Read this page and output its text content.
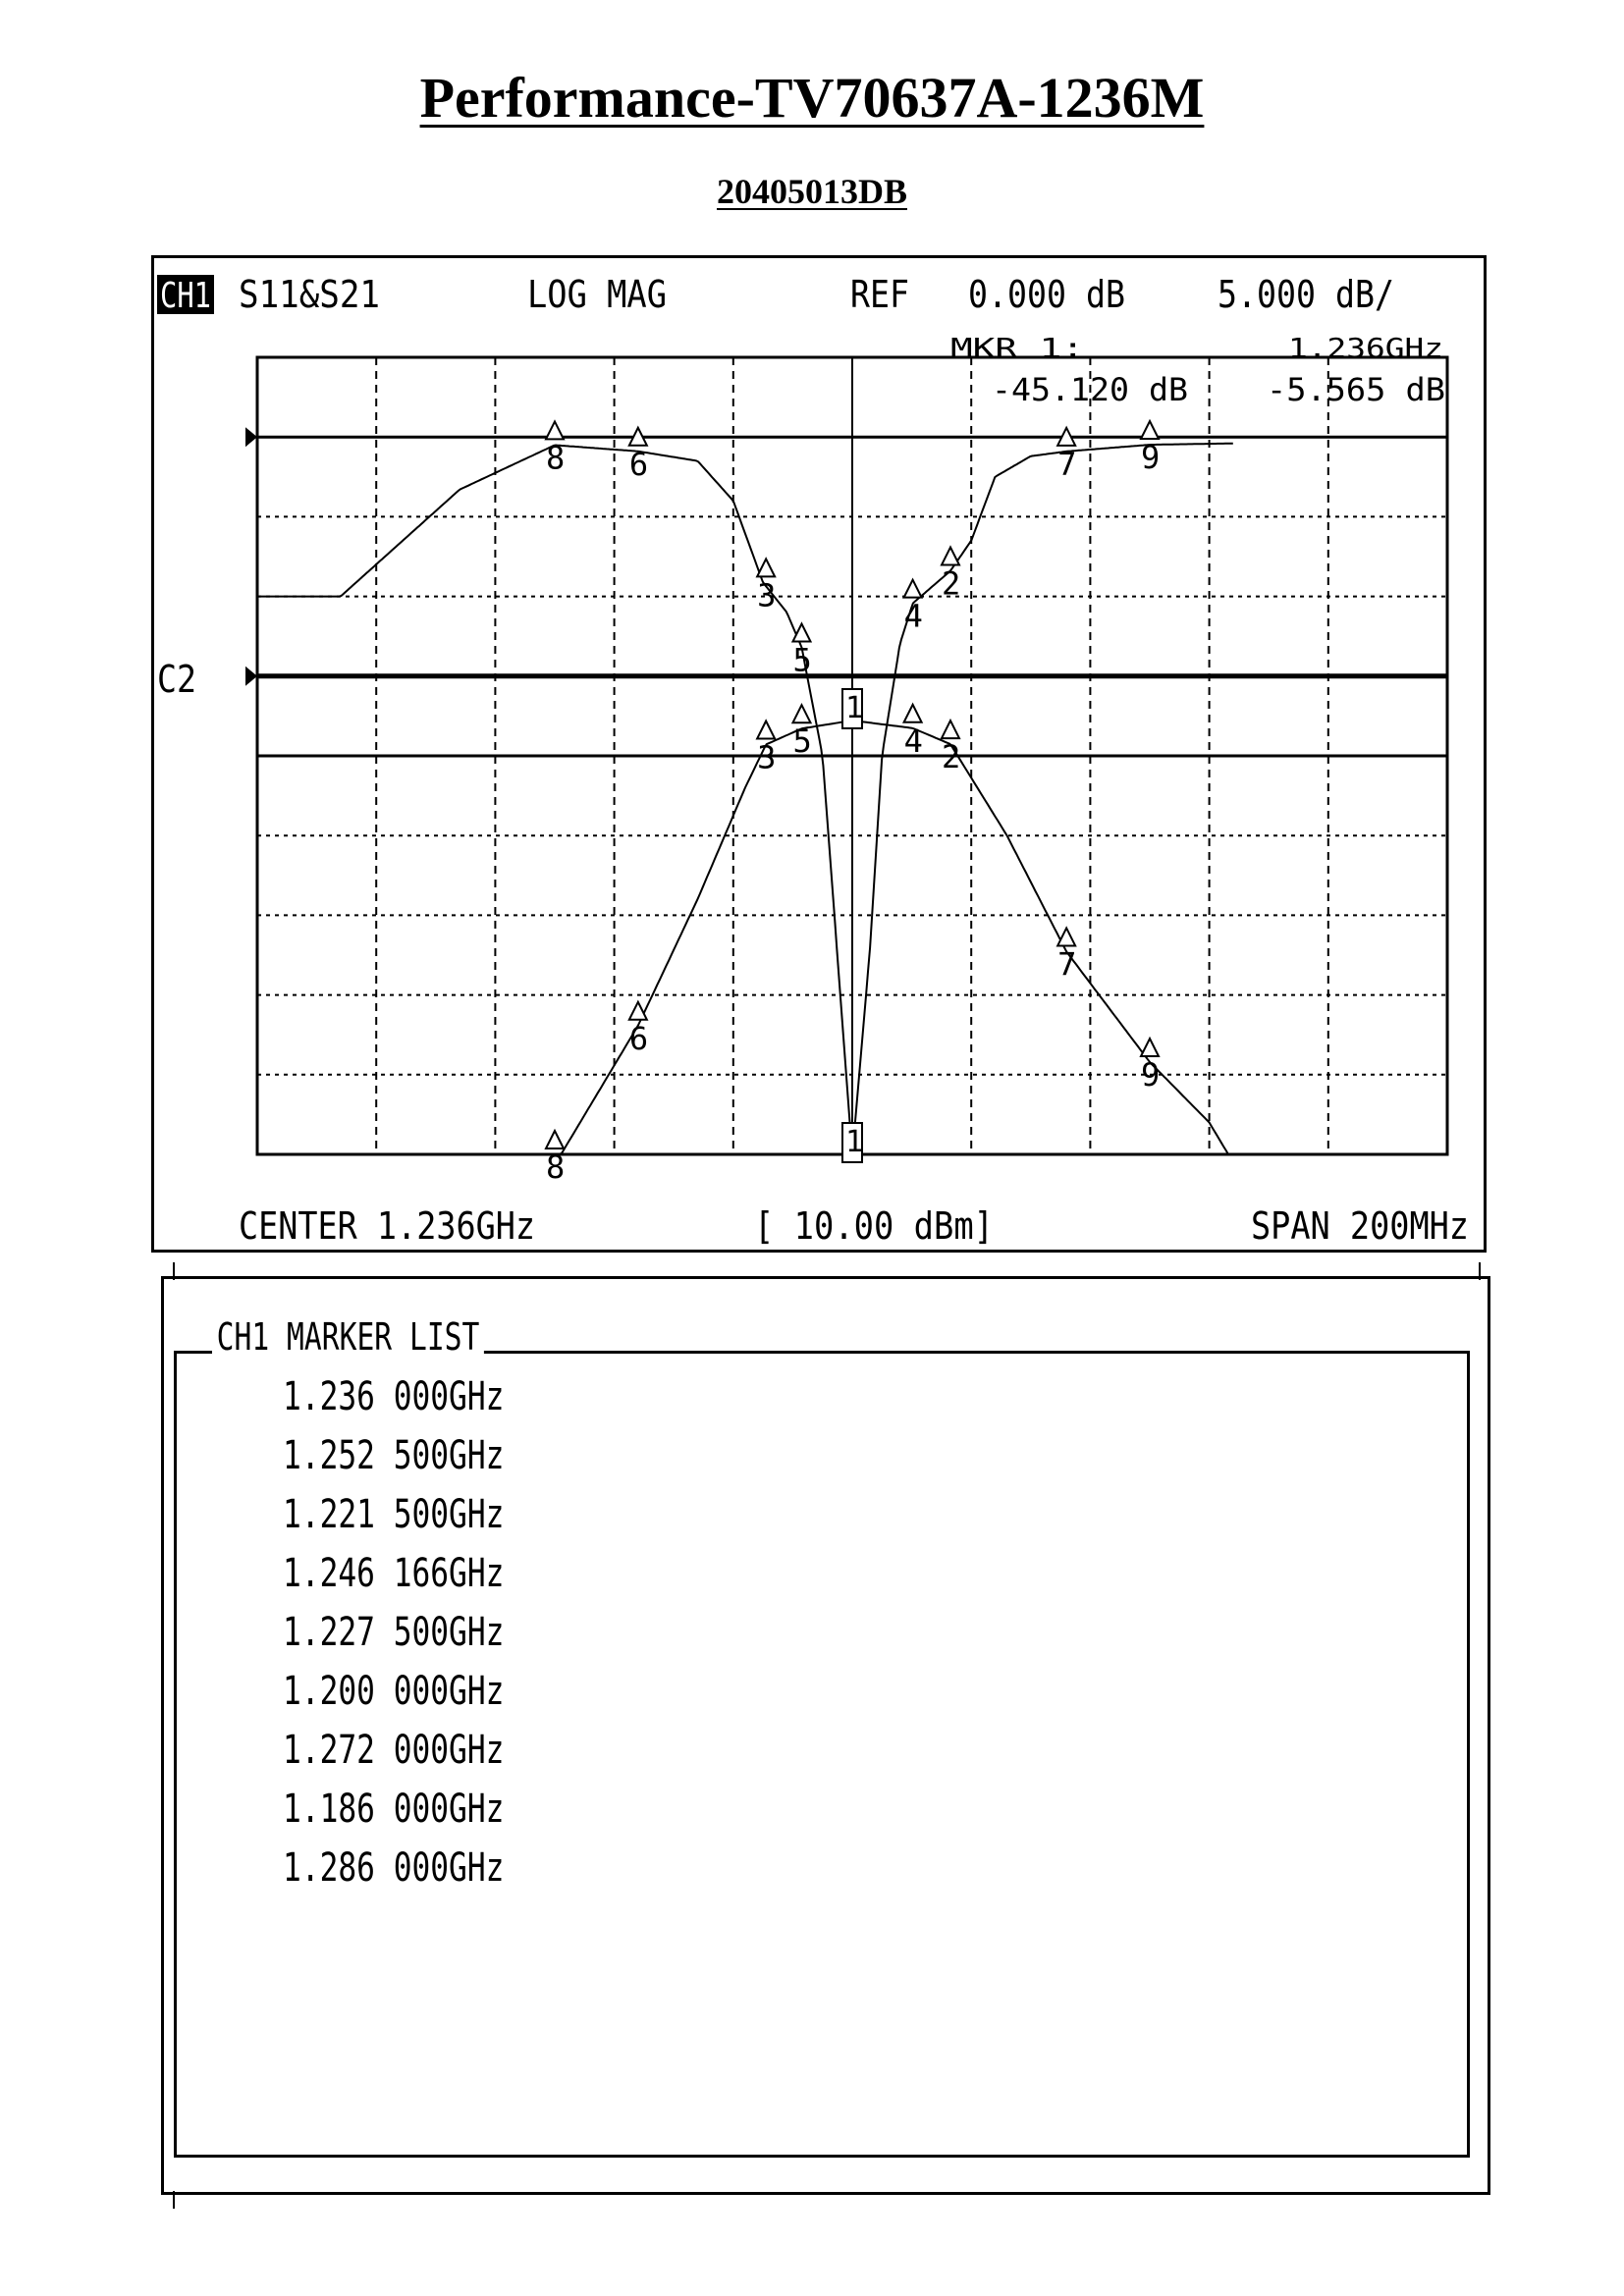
Performance-TV70637A-1236M
20405013DB
CH1 S11&S21	LOG MAG	REF 0.000 dB 5.000 dB/
MKR 1:	1.236GHz
-45.120 dB	-5.565 dB
C2
1
2
3
4
5
6	7
8	9
1
2
3	4
5
6
7
8
9
CENTER 1.236GHz	[ 10.00 dBm]	SPAN 200MHz
CH1 MARKER LIST
1.236 000GHz
1.252 500GHz
1.221 500GHz
1.246 166GHz
1.227 500GHz
1.200 000GHz
1.272 000GHz
1.186 000GHz
1.286 000GHz
